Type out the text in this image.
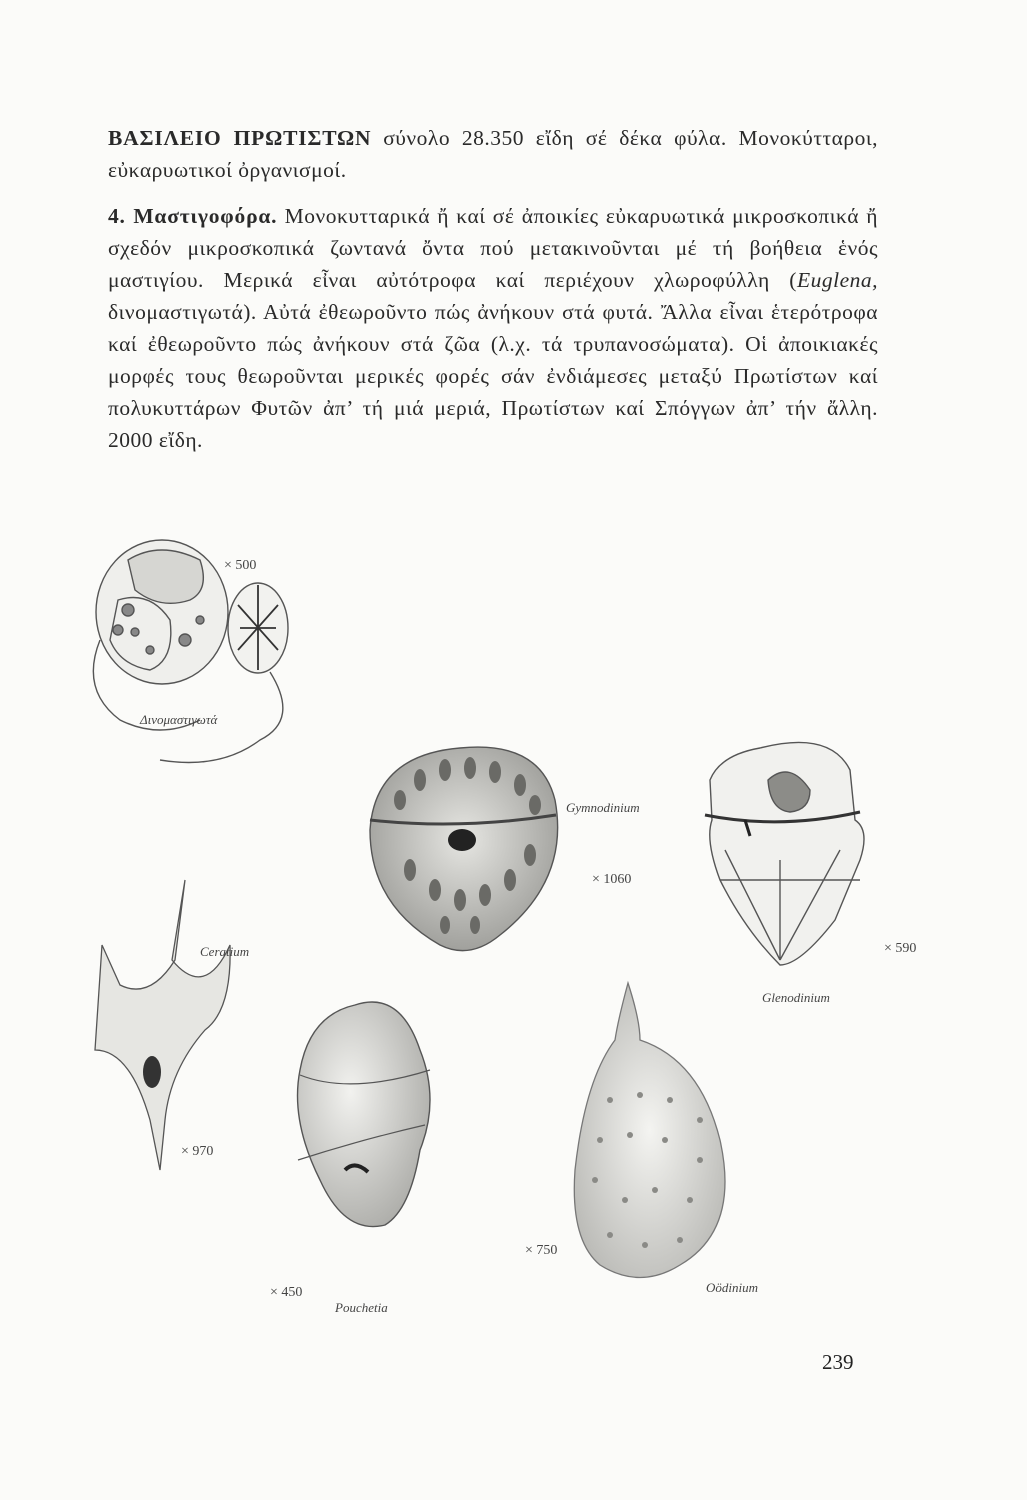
ΒΑΣΙΛΕΙΟ ΠΡΩΤΙΣΤΩΝ σύνολο 28.350 εἴδη σέ δέκα φύλα. Μονοκύτταροι, εὐκαρυωτικοί ὀργανισμοί.

4. Μαστιγοφόρα. Μονοκυτταρικά ἤ καί σέ ἀποικίες εὐκαρυωτικά μικροσκοπικά ἤ σχεδόν μικροσκοπικά ζωντανά ὄντα πού μετακινοῦνται μέ τή βοήθεια ἑνός μαστιγίου. Μερικά εἶναι αὐτότροφα καί περιέχουν χλωροφύλλη (Euglena, δινομαστιγωτά). Αὐτά ἐθεωροῦντο πώς ἀνήκουν στά φυτά. Ἄλλα εἶναι ἑτερότροφα καί ἐθεωροῦντο πώς ἀνήκουν στά ζῶα (λ.χ. τά τρυπανοσώματα). Οἱ ἀποικιακές μορφές τους θεωροῦνται μερικές φορές σάν ἐνδιάμεσες μεταξύ Πρωτίστων καί πολυκυττάρων Φυτῶν ἀπ’ τή μιά μεριά, Πρωτίστων καί Σπόγγων ἀπ’ τήν ἄλλη. 2000 εἴδη.

× 500
Δινομαστιγωτά
Gymnodinium
× 1060
Ceratium	× 590
Glenodinium
× 970
× 750
Oödinium
× 450
Pouchetia
239
